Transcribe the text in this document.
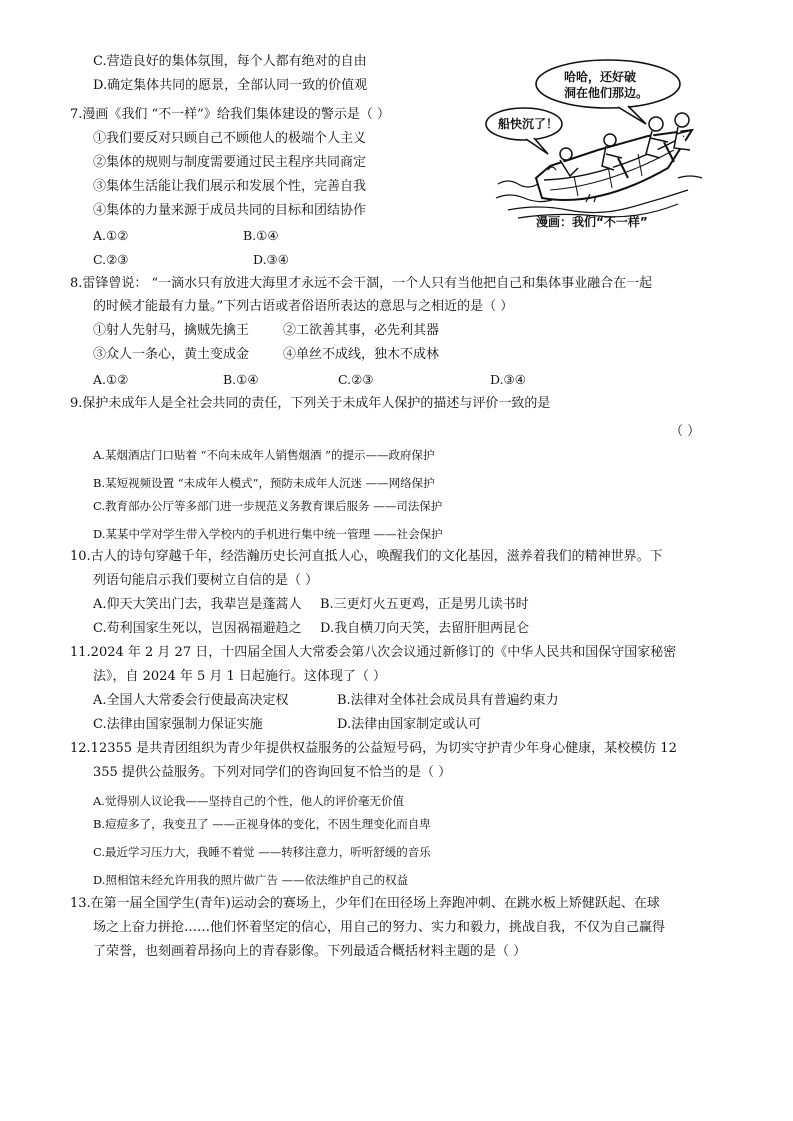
C.营造良好的集体氛围，每个人都有绝对的自由
D.确定集体共同的愿景，全部认同一致的价值观
7.漫画《我们 “不一样”》给我们集体建设的警示是（ ）
①我们要反对只顾自己不顾他人的极端个人主义
②集体的规则与制度需要通过民主程序共同商定
③集体生活能让我们展示和发展个性，完善自我
④集体的力量来源于成员共同的目标和团结协作
A.①②	B.①④
C.②③	D.③④
哈哈，还好破
洞在他们那边。
船快沉了！
漫画：我们“不一样”
8.雷锋曾说： “一滴水只有放进大海里才永远不会干涸，一个人只有当他把自己和集体事业融合在一起
的时候才能最有力量。”下列古语或者俗语所表达的意思与之相近的是（ ）
①射人先射马，擒贼先擒王	②工欲善其事，必先利其器
③众人一条心，黄土变成金	④单丝不成线，独木不成林
A.①②	B.①④	C.②③	D.③④
9.保护未成年人是全社会共同的责任，下列关于未成年人保护的描述与评价一致的是
（ ）
A.某烟酒店门口贴着 “不向未成年人销售烟酒 ”的提示——政府保护
B.某短视频设置 “未成年人模式”，预防未成年人沉迷 ——网络保护
C.教育部办公厅等多部门进一步规范义务教育课后服务 ——司法保护
D.某某中学对学生带入学校内的手机进行集中统一管理 ——社会保护
10.古人的诗句穿越千年，经浩瀚历史长河直抵人心，唤醒我们的文化基因，滋养着我们的精神世界。下
列语句能启示我们要树立自信的是（ ）
A.仰天大笑出门去，我辈岂是蓬蒿人 B.三更灯火五更鸡，正是男儿读书时
C.苟利国家生死以，岂因祸福避趋之 D.我自横刀向天笑，去留肝胆两昆仑
11.2024 年 2 月 27 日，十四届全国人大常委会第八次会议通过新修订的《中华人民共和国保守国家秘密
法》，自 2024 年 5 月 1 日起施行。这体现了（ ）
A.全国人大常委会行使最高决定权	B.法律对全体社会成员具有普遍约束力
C.法律由国家强制力保证实施	D.法律由国家制定或认可
12.12355 是共青团组织为青少年提供权益服务的公益短号码，为切实守护青少年身心健康，某校模仿 12
355 提供公益服务。下列对同学们的咨询回复不恰当的是（ ）
A.觉得别人议论我——坚持自己的个性，他人的评价毫无价值
B.痘痘多了，我变丑了 ——正视身体的变化，不因生理变化而自卑
C.最近学习压力大，我睡不着觉 ——转移注意力，听听舒缓的音乐
D.照相馆未经允许用我的照片做广告 ——依法维护自己的权益
13.在第一届全国学生(青年)运动会的赛场上，少年们在田径场上奔跑冲刺、在跳水板上矫健跃起、在球
场之上奋力拼抢……他们怀着坚定的信心，用自己的努力、实力和毅力，挑战自我，不仅为自己赢得
了荣誉，也刻画着昂扬向上的青春影像。下列最适合概括材料主题的是（ ）
